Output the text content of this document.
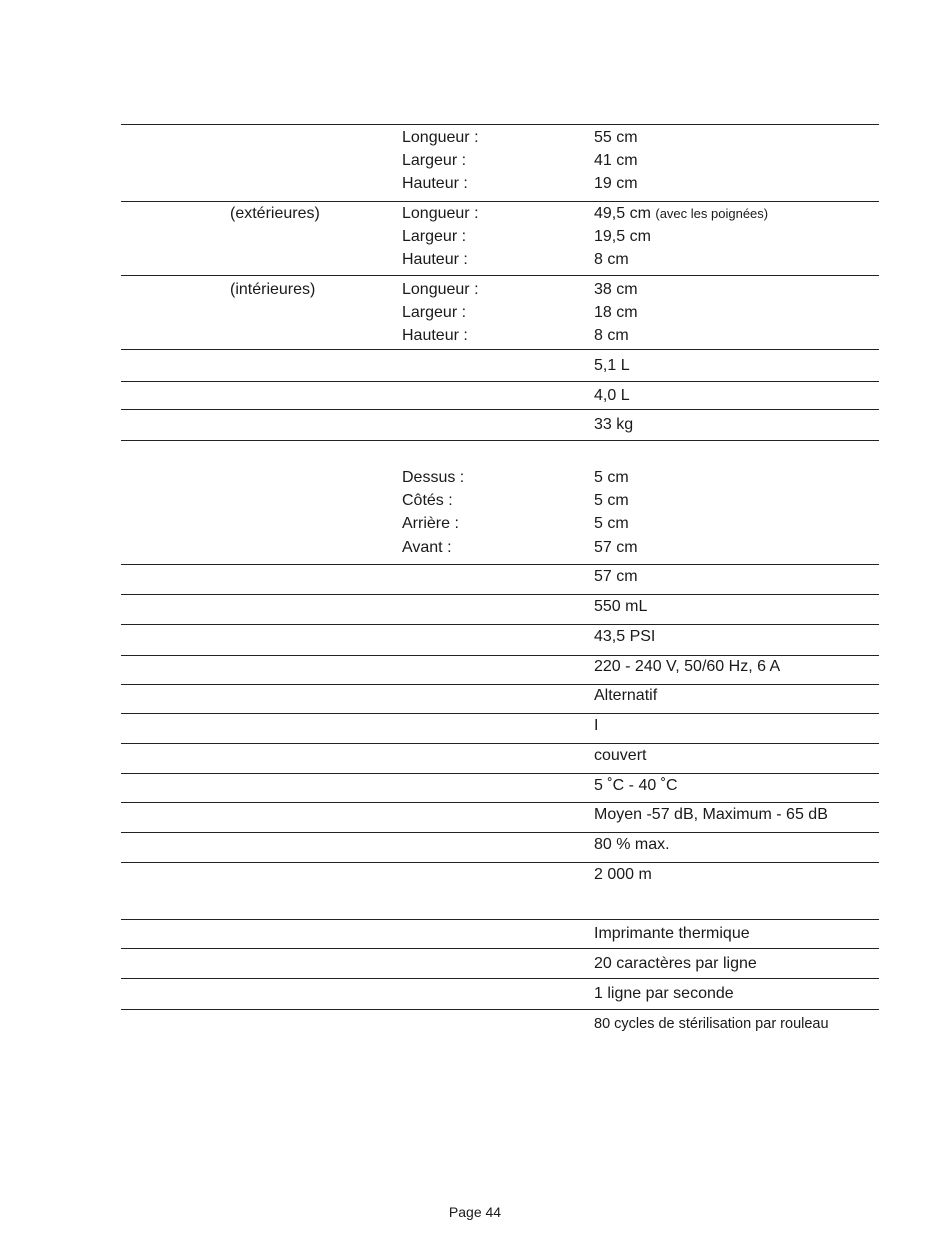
Longueur :
Largeur :
Hauteur :
55 cm
41 cm
19 cm
(extérieures)	Longueur :
Largeur :
Hauteur :
49,5 cm (avec les poignées)
19,5 cm
8 cm
(intérieures)	Longueur :
Largeur :
Hauteur :
38 cm
18 cm
8 cm
5,1 L
4,0 L
33 kg
Dessus :
Côtés :
Arrière :
Avant :
5 cm
5 cm
5 cm
57 cm
57 cm
550 mL
43,5 PSI
220 - 240 V, 50/60 Hz, 6 A
Alternatif
I
couvert
5 ˚C - 40 ˚C
Moyen -57 dB, Maximum - 65 dB
80 % max.
2 000 m
Imprimante thermique
20 caractères par ligne
1 ligne par seconde
80 cycles de stérilisation par rouleau
Page 44
